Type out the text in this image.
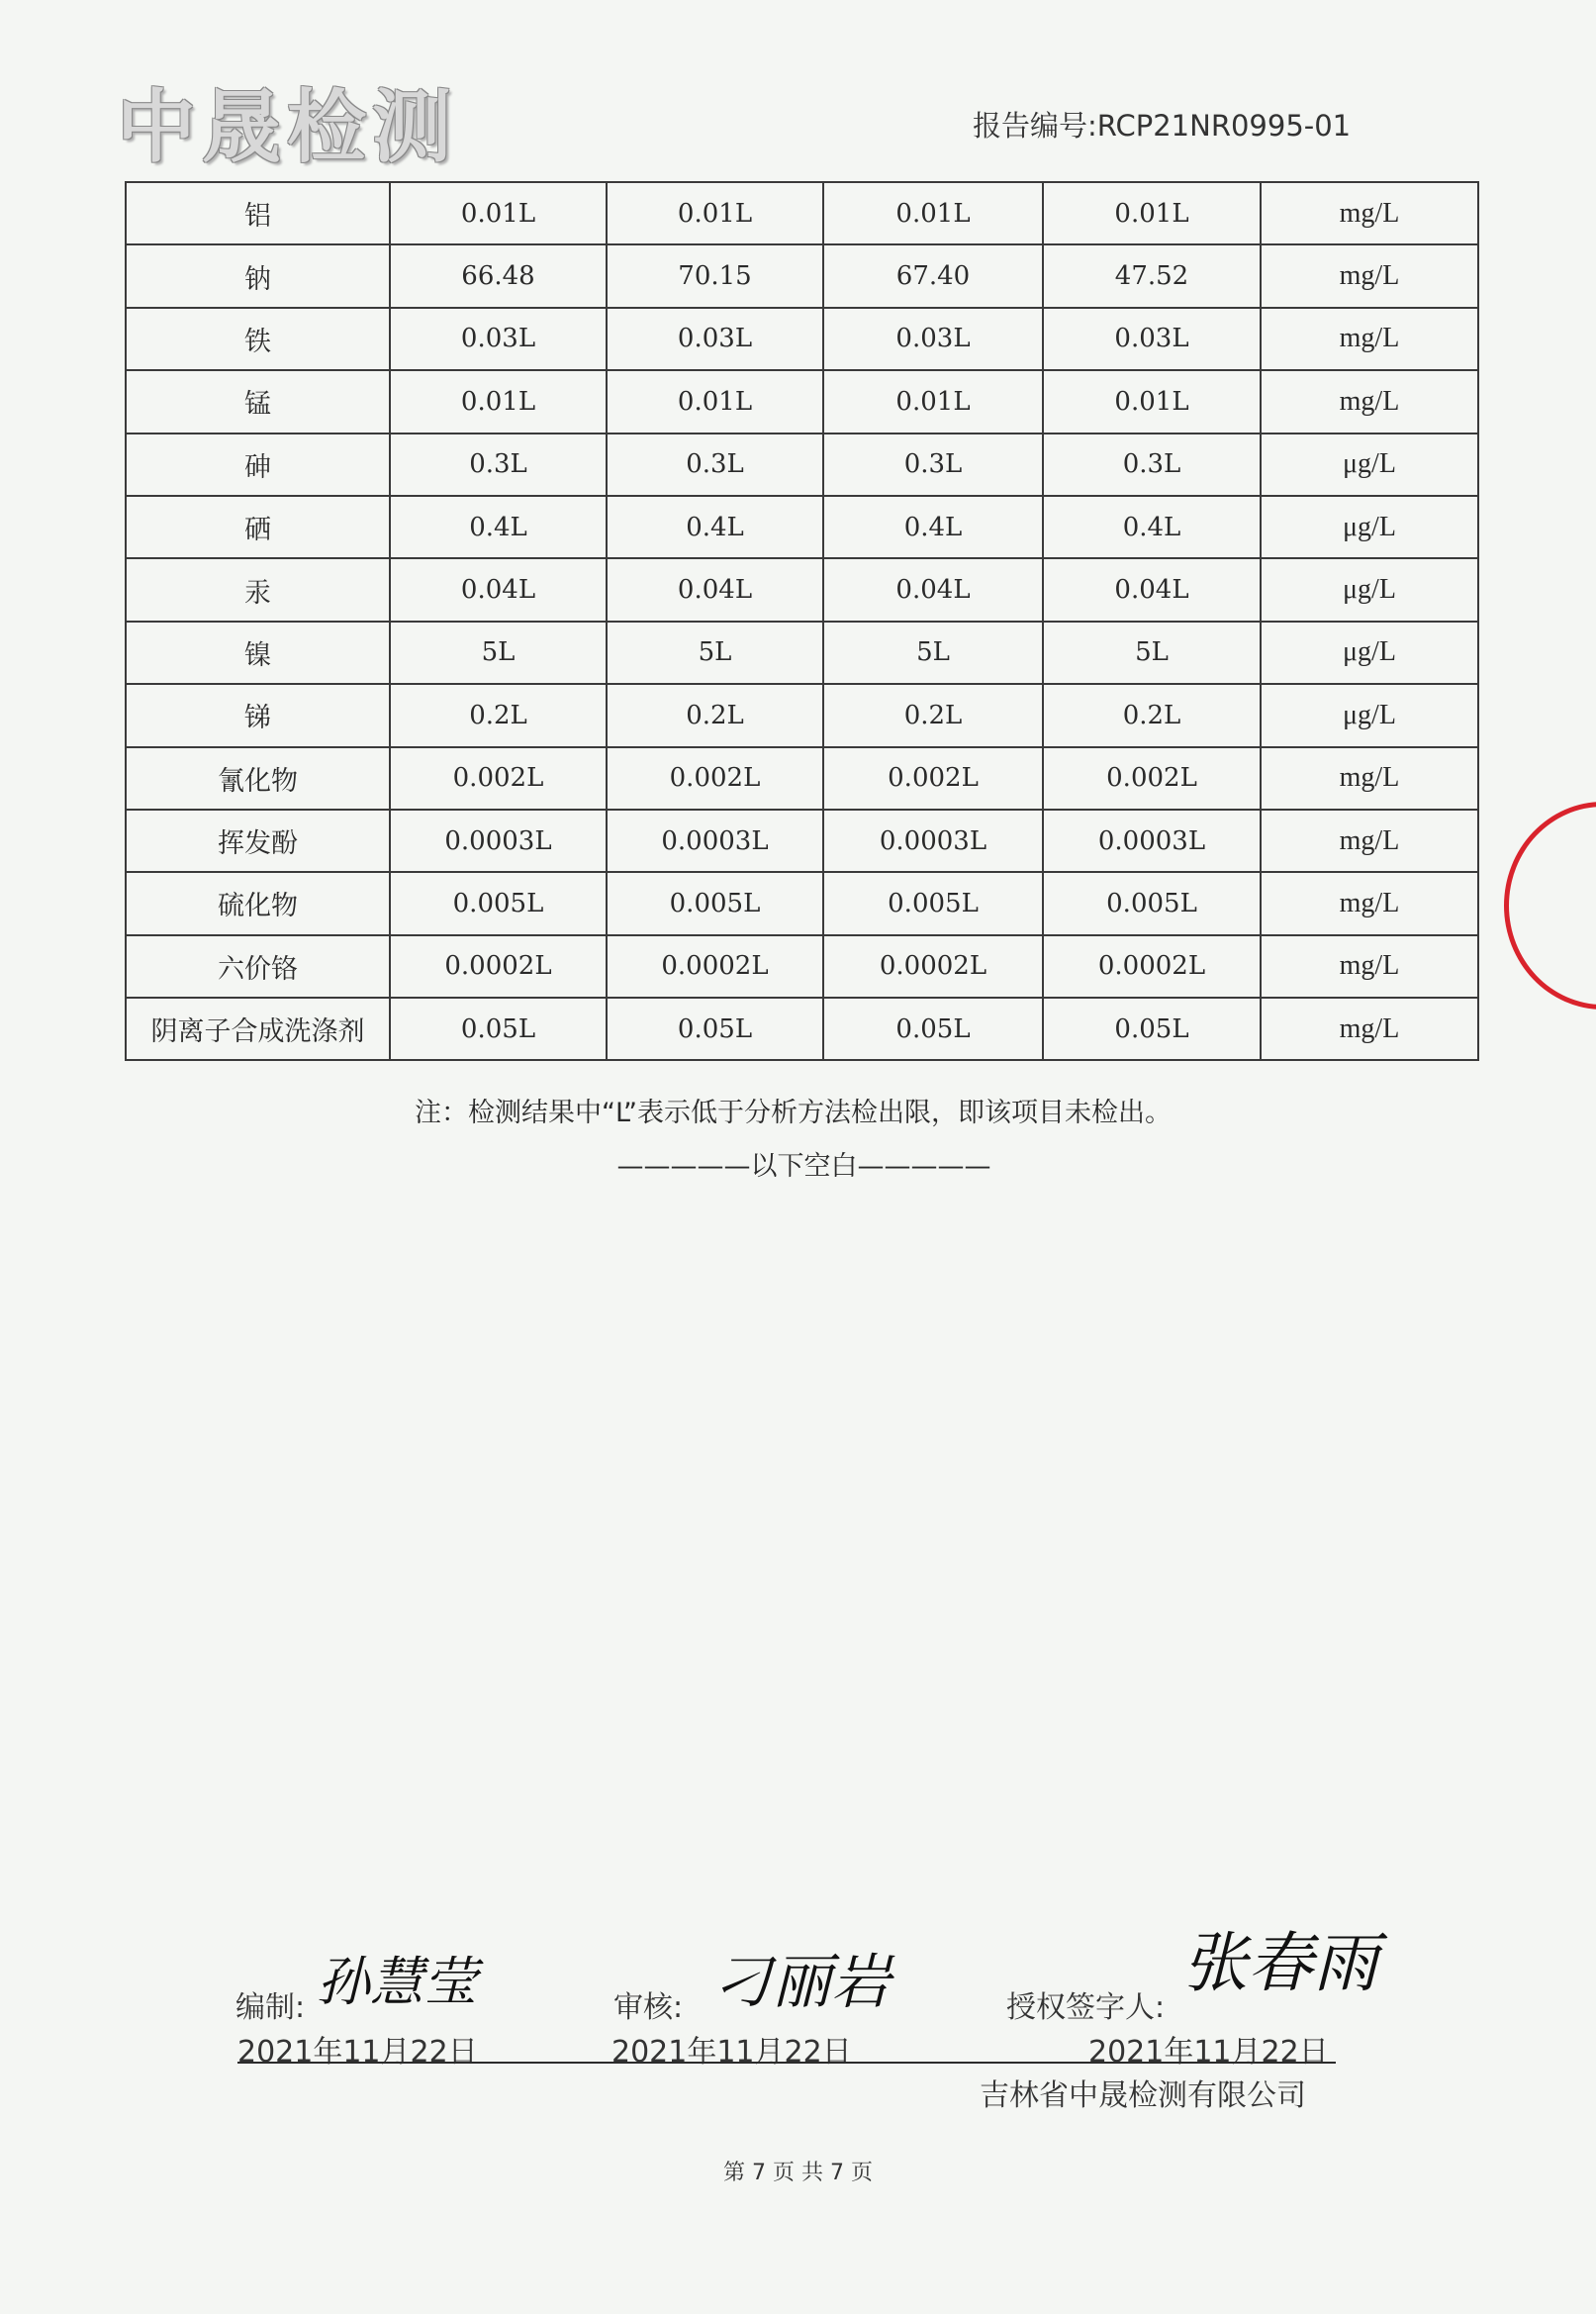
中晟检测	报告编号:RCP21NR0995-01
铝	0.01L	0.01L	0.01L	0.01L	mg/L
钠	66.48	70.15	67.40	47.52	mg/L
铁	0.03L	0.03L	0.03L	0.03L	mg/L
锰	0.01L	0.01L	0.01L	0.01L	mg/L
砷	0.3L	0.3L	0.3L	0.3L	μg/L
硒	0.4L	0.4L	0.4L	0.4L	μg/L
汞	0.04L	0.04L	0.04L	0.04L	μg/L
镍	5L	5L	5L	5L	μg/L
锑	0.2L	0.2L	0.2L	0.2L	μg/L
氰化物	0.002L	0.002L	0.002L	0.002L	mg/L
挥发酚	0.0003L	0.0003L	0.0003L	0.0003L	mg/L
硫化物	0.005L	0.005L	0.005L	0.005L	mg/L
六价铬	0.0002L	0.0002L	0.0002L	0.0002L	mg/L
阴离子合成洗涤剂	0.05L	0.05L	0.05L	0.05L	mg/L
注：检测结果中“L”表示低于分析方法检出限，即该项目未检出。
—————以下空白—————
编制: 孙慧莹
2021年11月22日
审核: 刁丽岩
2021年11月22日
授权签字人:
张春雨
2021年11月22日
吉林省中晟检测有限公司
第 7 页 共 7 页
